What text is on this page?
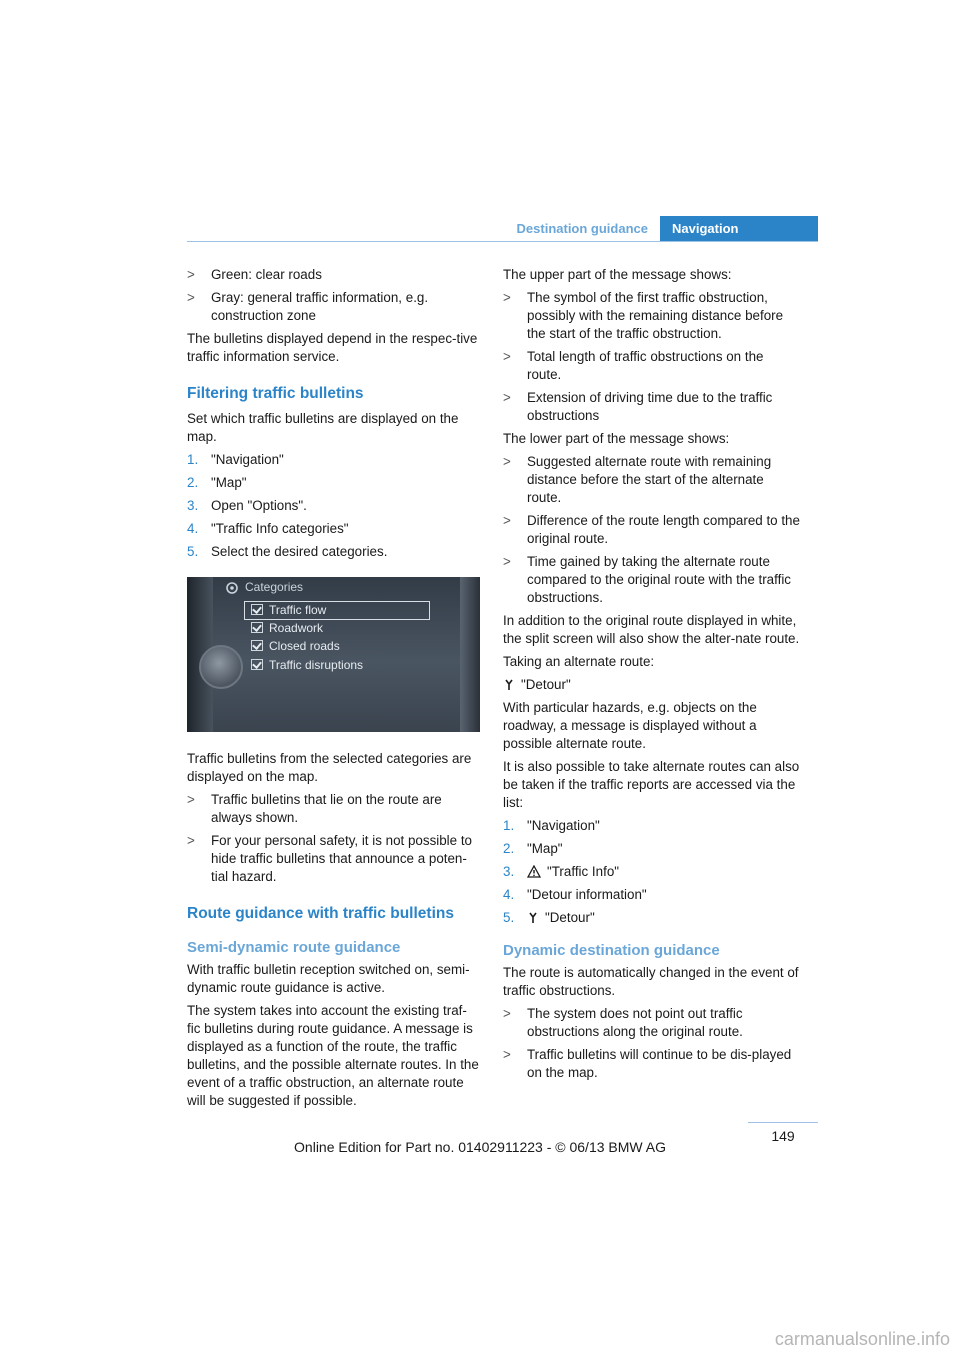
Destination guidance	Navigation
> Green: clear roads
> Gray: general traffic information, e.g. construction zone

The bulletins displayed depend in the respec-tive traffic information service.

Filtering traffic bulletins

Set which traffic bulletins are displayed on the map.

1. "Navigation"
2. "Map"
3. Open "Options".
4. "Traffic Info categories"
5. Select the desired categories.
Categories
Traffic flow
Roadwork
Closed roads
Traffic disruptions

Traffic bulletins from the selected categories are displayed on the map.

> Traffic bulletins that lie on the route are always shown.
> For your personal safety, it is not possible to hide traffic bulletins that announce a poten-tial hazard.
Route guidance with traffic bulletins
Semi-dynamic route guidance

With traffic bulletin reception switched on, semi-dynamic route guidance is active.

The system takes into account the existing traf-fic bulletins during route guidance. A message is displayed as a function of the route, the traffic bulletins, and the possible alternate routes. In the event of a traffic obstruction, an alternate route will be suggested if possible.

The upper part of the message shows:

> The symbol of the first traffic obstruction, possibly with the remaining distance before the start of the traffic obstruction.
> Total length of traffic obstructions on the route.
> Extension of driving time due to the traffic obstructions

The lower part of the message shows:

> Suggested alternate route with remaining distance before the start of the alternate route.
> Difference of the route length compared to the original route.
> Time gained by taking the alternate route compared to the original route with the traffic obstructions.

In addition to the original route displayed in white, the split screen will also show the alter-nate route.

Taking an alternate route:

"Detour"

With particular hazards, e.g. objects on the roadway, a message is displayed without a possible alternate route.

It is also possible to take alternate routes can also be taken if the traffic reports are accessed via the list:

1. "Navigation"
2. "Map"
3. "Traffic Info"
4. "Detour information"
5. "Detour"
Dynamic destination guidance

The route is automatically changed in the event of traffic obstructions.

> The system does not point out traffic obstructions along the original route.
> Traffic bulletins will continue to be dis-played on the map.
149
Online Edition for Part no. 01402911223 - © 06/13 BMW AG
carmanualsonline.info
